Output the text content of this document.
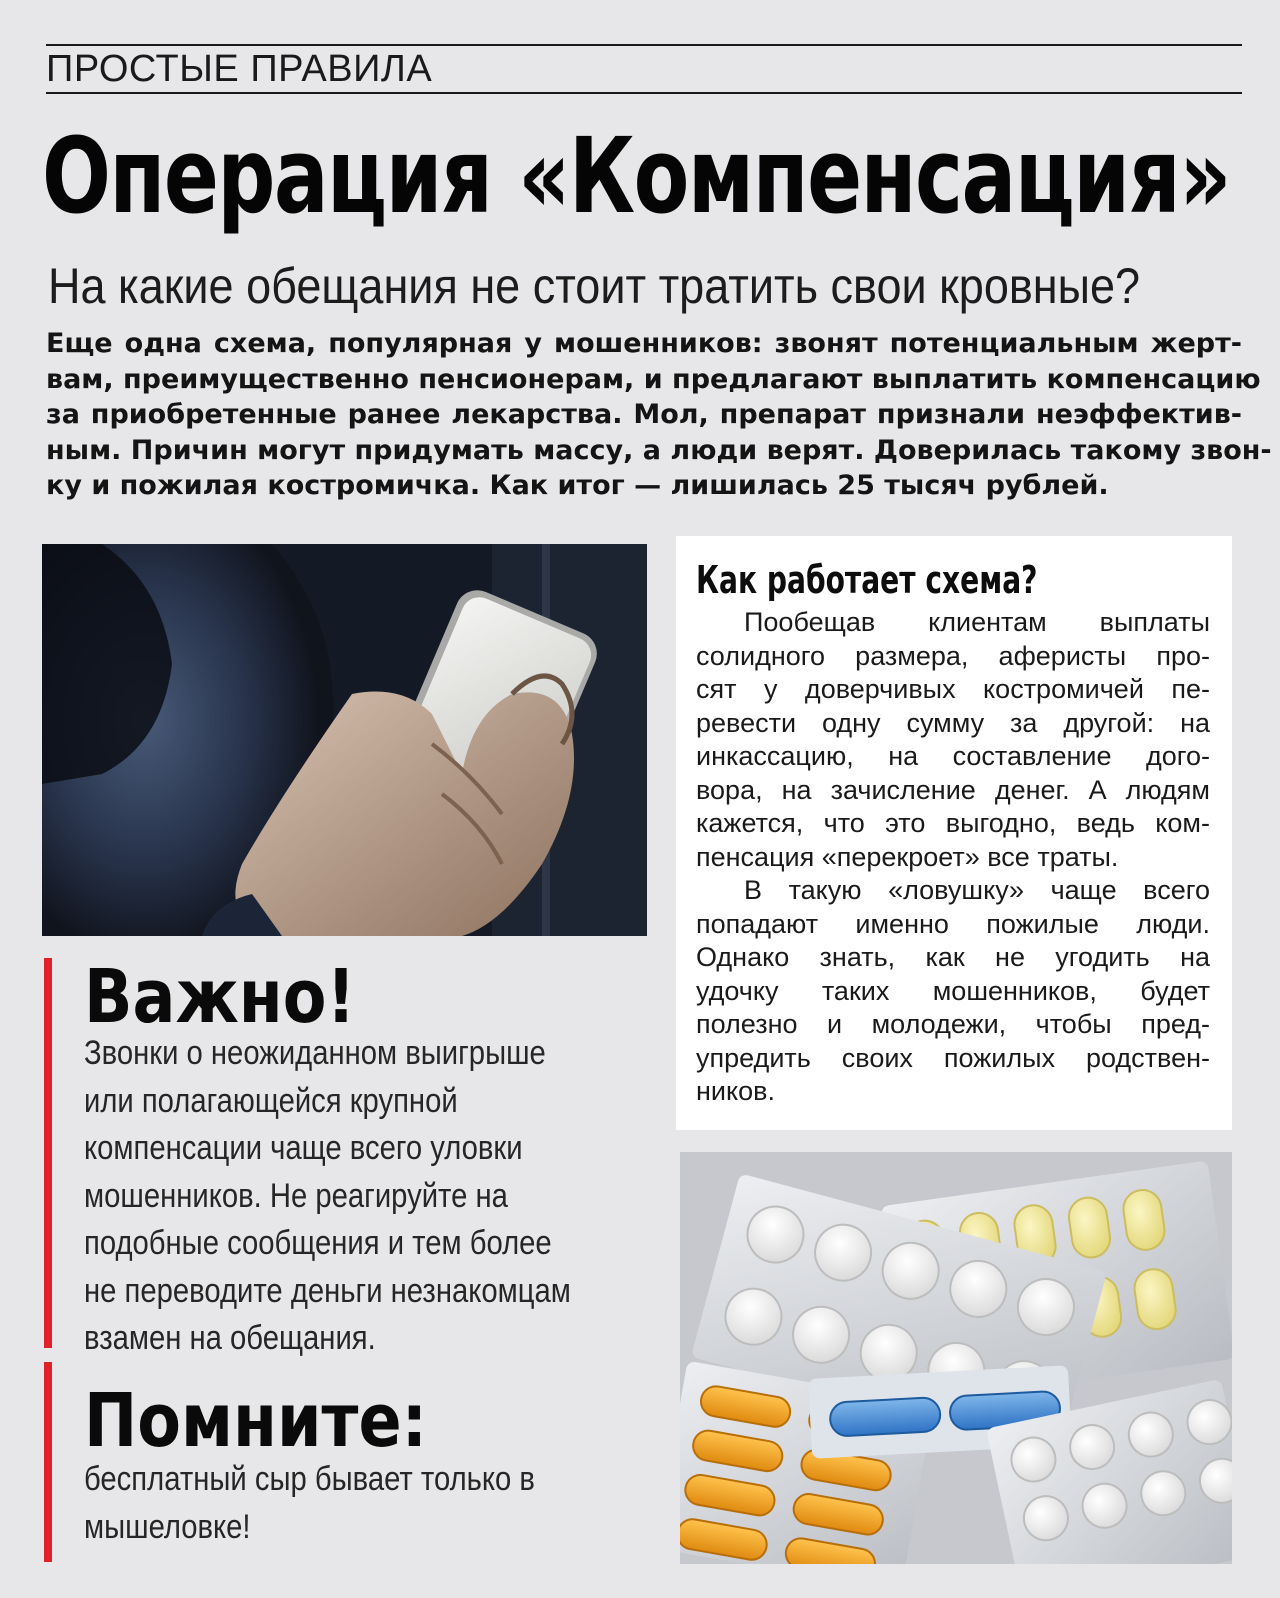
ПРОСТЫЕ ПРАВИЛА
Операция «Компенсация»
На какие обещания не стоит тратить свои кровные?
Еще одна схема, популярная у мошенников: звонят потенциальным жерт-
вам, преимущественно пенсионерам, и предлагают выплатить компенсацию
за приобретенные ранее лекарства. Мол, препарат признали неэффектив-
ным. Причин могут придумать массу, а люди верят. Доверилась такому звон-
ку и пожилая костромичка. Как итог — лишилась 25 тысяч рублей.
Как работает схема?
Пообещав клиентам выплаты
солидного размера, аферисты про-
сят у доверчивых костромичей пе-
ревести одну сумму за другой: на
инкассацию, на составление дого-
вора, на зачисление денег. А людям
кажется, что это выгодно, ведь ком-
пенсация «перекроет» все траты.
В такую «ловушку» чаще всего
попадают именно пожилые люди.
Однако знать, как не угодить на
удочку таких мошенников, будет
полезно и молодежи, чтобы пред-
упредить своих пожилых родствен-
ников.
Важно!
Звонки о неожиданном выигрыше
или полагающейся крупной
компенсации чаще всего уловки
мошенников. Не реагируйте на
подобные сообщения и тем более
не переводите деньги незнакомцам
взамен на обещания.
Помните:
бесплатный сыр бывает только в
мышеловке!
